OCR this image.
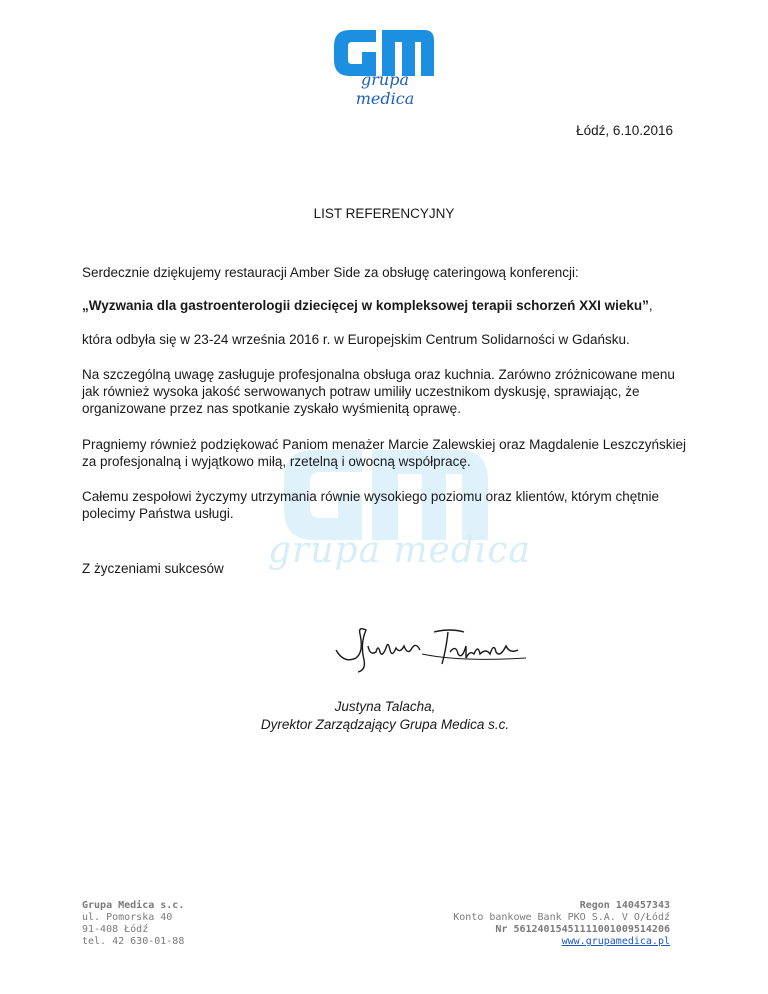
grupa medica
grupa medica
Łódź, 6.10.2016
LIST REFERENCYJNY
Serdecznie dziękujemy restauracji Amber Side za obsługę cateringową konferencji:
„Wyzwania dla gastroenterologii dziecięcej w kompleksowej terapii schorzeń XXI wieku”,
która odbyła się w 23-24 września 2016 r. w Europejskim Centrum Solidarności w Gdańsku.
Na szczególną uwagę zasługuje profesjonalna obsługa oraz kuchnia. Zarówno zróżnicowane menu jak również wysoka jakość serwowanych potraw umiliły uczestnikom dyskusję, sprawiając, że organizowane przez nas spotkanie zyskało wyśmienitą oprawę.
Pragniemy również podziękować Paniom menażer Marcie Zalewskiej oraz Magdalenie Leszczyńskiej za profesjonalną i wyjątkowo miłą, rzetelną i owocną współpracę.
Całemu zespołowi życzymy utrzymania równie wysokiego poziomu oraz klientów, którym chętnie polecimy Państwa usługi.
Z życzeniami sukcesów
Justyna Talacha,
Dyrektor Zarządzający Grupa Medica s.c.
Grupa Medica s.c.
ul. Pomorska 40
91-408 Łódź
tel. 42 630-01-88
Regon 140457343
Konto bankowe Bank PKO S.A. V O/Łódź
Nr 56124015451111001009514206
www.grupamedica.pl
